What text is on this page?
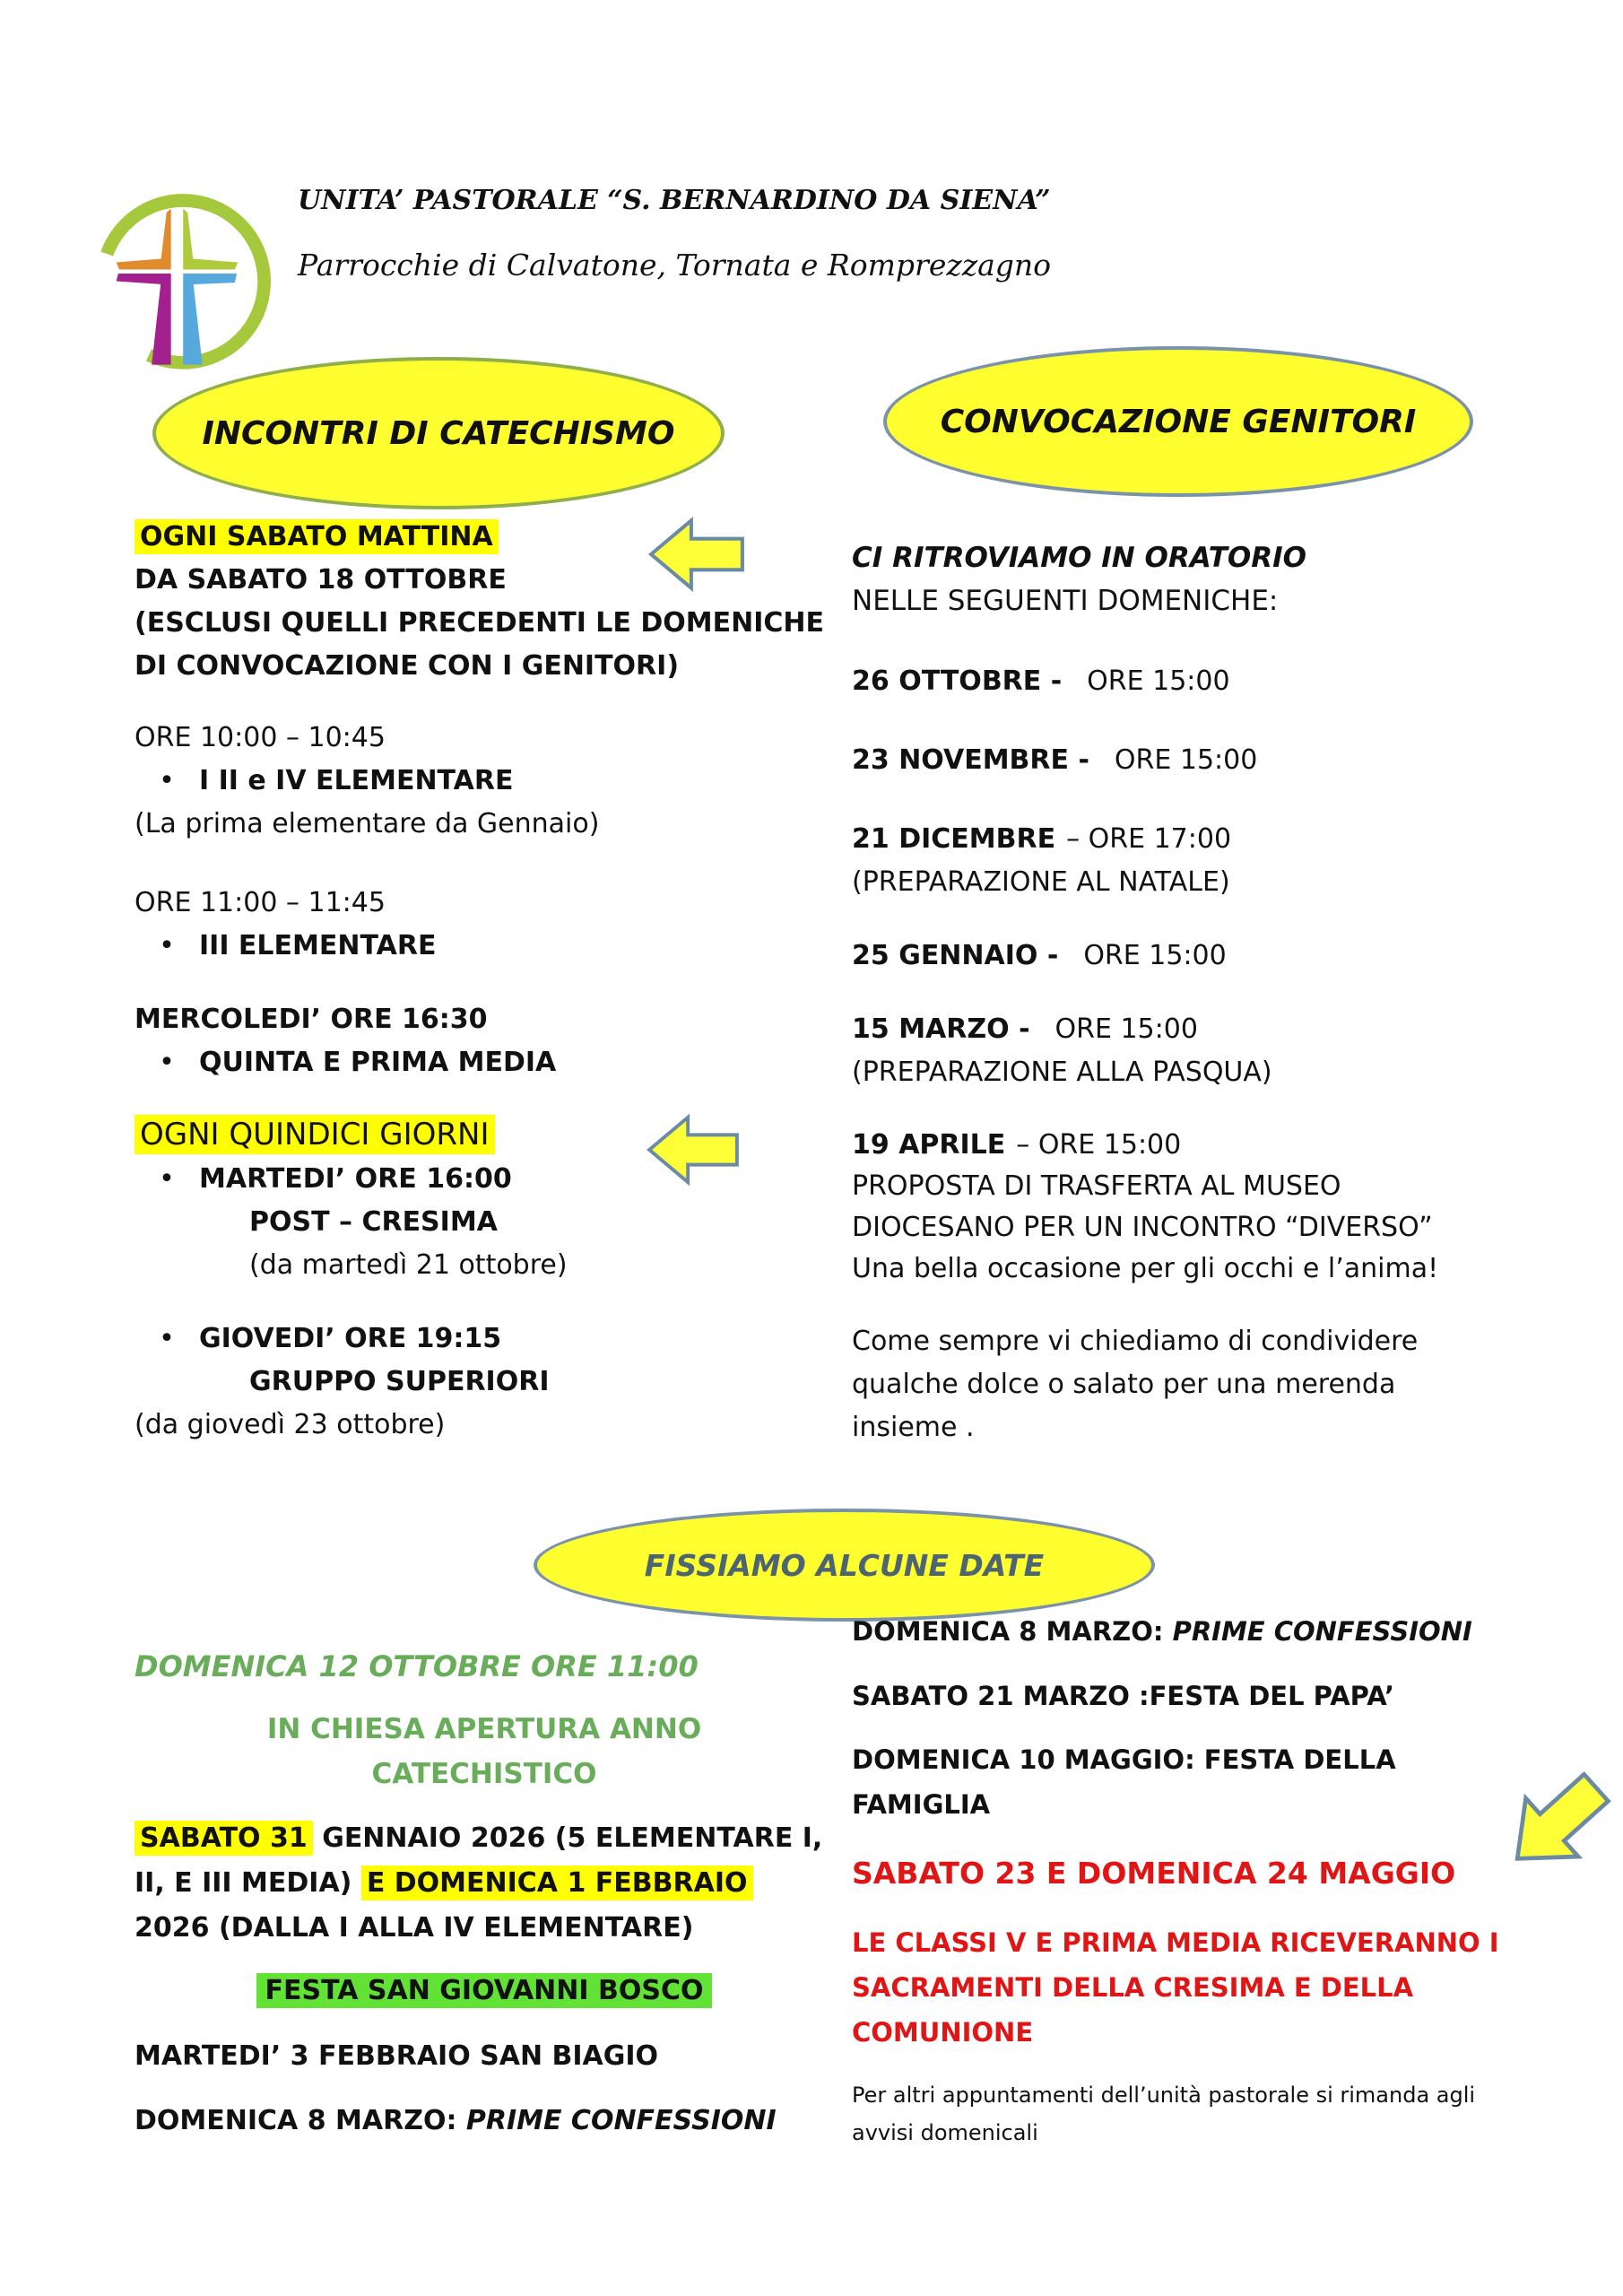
UNITA’ PASTORALE “S. BERNARDINO DA SIENA”
Parrocchie di Calvatone, Tornata e Romprezzagno
INCONTRI DI CATECHISMO	CONVOCAZIONE GENITORI
OGNI SABATO MATTINA
DA SABATO 18 OTTOBRE
(ESCLUSI QUELLI PRECEDENTI LE DOMENICHE
DI CONVOCAZIONE CON I GENITORI)
ORE 10:00 – 10:45
• I II e IV ELEMENTARE
(La prima elementare da Gennaio)
ORE 11:00 – 11:45
• III ELEMENTARE
MERCOLEDI’ ORE 16:30
• QUINTA E PRIMA MEDIA
OGNI QUINDICI GIORNI
• MARTEDI’ ORE 16:00
POST – CRESIMA
(da martedì 21 ottobre)
• GIOVEDI’ ORE 19:15
GRUPPO SUPERIORI
(da giovedì 23 ottobre)
CI RITROVIAMO IN ORATORIO
NELLE SEGUENTI DOMENICHE:
26 OTTOBRE - ORE 15:00
23 NOVEMBRE - ORE 15:00
21 DICEMBRE – ORE 17:00
(PREPARAZIONE AL NATALE)
25 GENNAIO - ORE 15:00
15 MARZO - ORE 15:00
(PREPARAZIONE ALLA PASQUA)
19 APRILE – ORE 15:00
PROPOSTA DI TRASFERTA AL MUSEO
DIOCESANO PER UN INCONTRO “DIVERSO”
Una bella occasione per gli occhi e l’anima!
Come sempre vi chiediamo di condividere
qualche dolce o salato per una merenda
insieme .
FISSIAMO ALCUNE DATE
DOMENICA 12 OTTOBRE ORE 11:00
IN CHIESA APERTURA ANNO
CATECHISTICO
SABATO 31 GENNAIO 2026 (5 ELEMENTARE I,
II, E III MEDIA) E DOMENICA 1 FEBBRAIO
2026 (DALLA I ALLA IV ELEMENTARE)
FESTA SAN GIOVANNI BOSCO
MARTEDI’ 3 FEBBRAIO SAN BIAGIO
DOMENICA 8 MARZO: PRIME CONFESSIONI
DOMENICA 8 MARZO: PRIME CONFESSIONI
SABATO 21 MARZO :FESTA DEL PAPA’
DOMENICA 10 MAGGIO: FESTA DELLA
FAMIGLIA
SABATO 23 E DOMENICA 24 MAGGIO
LE CLASSI V E PRIMA MEDIA RICEVERANNO I
SACRAMENTI DELLA CRESIMA E DELLA
COMUNIONE
Per altri appuntamenti dell’unità pastorale si rimanda agli
avvisi domenicali
